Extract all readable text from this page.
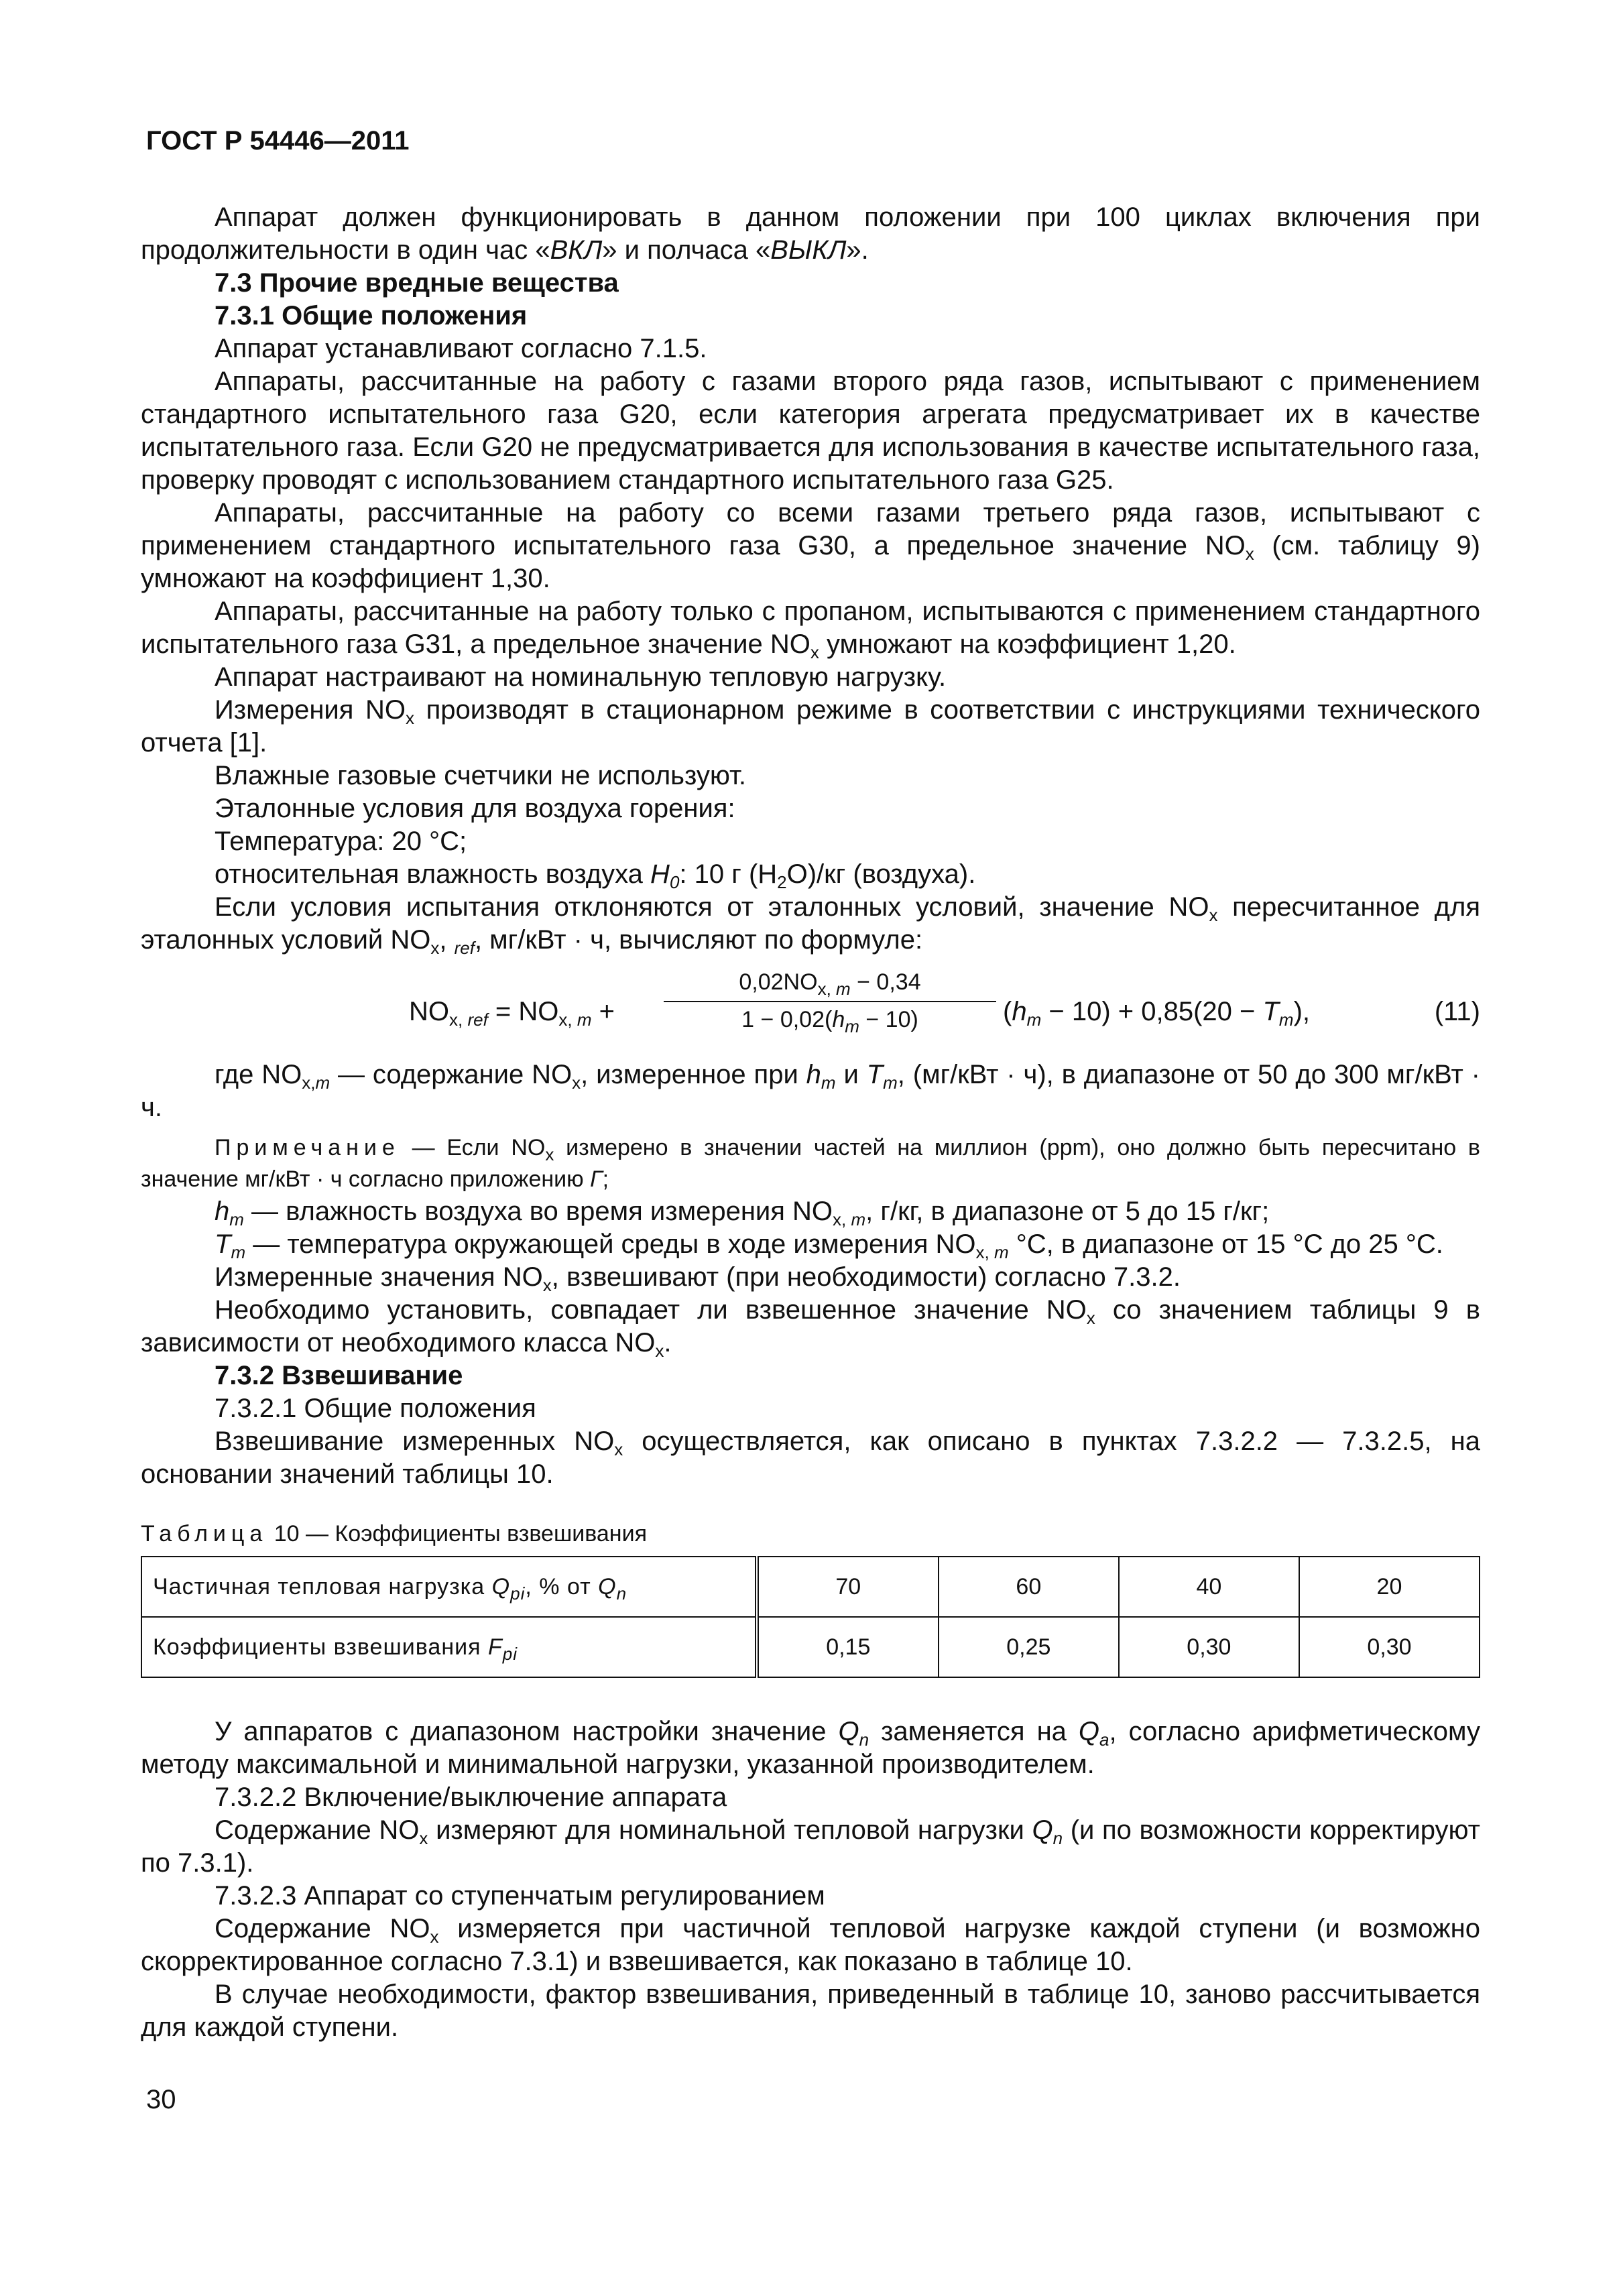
ГОСТ Р 54446—2011

Аппарат должен функционировать в данном положении при 100 циклах включения при продолжительности в один час «ВКЛ» и полчаса «ВЫКЛ».

7.3 Прочие вредные вещества

7.3.1 Общие положения

Аппарат устанавливают согласно 7.1.5.

Аппараты, рассчитанные на работу с газами второго ряда газов, испытывают с применением стандартного испытательного газа G20, если категория агрегата предусматривает их в качестве испытательного газа. Если G20 не предусматривается для использования в качестве испытательного газа, проверку проводят с использованием стандартного испытательного газа G25.

Аппараты, рассчитанные на работу со всеми газами третьего ряда газов, испытывают с применением стандартного испытательного газа G30, а предельное значение $NO_x$ (см. таблицу 9) умножают на коэффициент 1,30.

Аппараты, рассчитанные на работу только с пропаном, испытываются с применением стандартного испытательного газа G31, а предельное значение $NO_x$ умножают на коэффициент 1,20.

Аппарат настраивают на номинальную тепловую нагрузку.

Измерения $NO_x$ производят в стационарном режиме в соответствии с инструкциями технического отчета [1].

Влажные газовые счетчики не используют.

Эталонные условия для воздуха горения:

Температура: 20 °С;

относительная влажность воздуха $H_0$: 10 г $(H_2O)/кг$ (воздуха).

Если условия испытания отклоняются от эталонных условий, значение $NO_x$ пересчитанное для эталонных условий $NO_x$, $_{ref}$, мг/кВт · ч, вычисляют по формуле:

$NO_{x, ref} = NO_{x, m}$ +
$0,02NO_{x, m} - 0,34$
$1 - 0,02(h_m - 10)$	$(h_m - 10) + 0,85(20 - T_m)$,	(11)

где $NO_{x,m}$ — содержание $NO_x$, измеренное при $h_m$ и $T_m$, (мг/кВт · ч), в диапазоне от 50 до 300 мг/кВт · ч.

Примечание — Если $NO_x$ измерено в значении частей на миллион (ppm), оно должно быть пересчитано в значение мг/кВт · ч согласно приложению Г;

$h_m$ — влажность воздуха во время измерения $NO_{x, m}$, г/кг, в диапазоне от 5 до 15 г/кг;

$T_m$ — температура окружающей среды в ходе измерения $NO_{x, m}$ °С, в диапазоне от 15 °С до 25 °С.

Измеренные значения $NO_x$, взвешивают (при необходимости) согласно 7.3.2.

Необходимо установить, совпадает ли взвешенное значение $NO_x$ со значением таблицы 9 в зависимости от необходимого класса $NO_x$.

7.3.2 Взвешивание

7.3.2.1 Общие положения

Взвешивание измеренных $NO_x$ осуществляется, как описано в пунктах 7.3.2.2 — 7.3.2.5, на основании значений таблицы 10.

Таблица 10 — Коэффициенты взвешивания

Частичная тепловая нагрузка $Q_{pi}$, % от $Q_n$	70	60	40	20
Коэффициенты взвешивания $F_{pi}$	0,15	0,25	0,30	0,30

У аппаратов с диапазоном настройки значение $Q_n$ заменяется на $Q_a$, согласно арифметическому методу максимальной и минимальной нагрузки, указанной производителем.

7.3.2.2 Включение/выключение аппарата

Содержание $NO_x$ измеряют для номинальной тепловой нагрузки $Q_n$ (и по возможности корректируют по 7.3.1).

7.3.2.3 Аппарат со ступенчатым регулированием

Содержание $NO_x$ измеряется при частичной тепловой нагрузке каждой ступени (и возможно скорректированное согласно 7.3.1) и взвешивается, как показано в таблице 10.

В случае необходимости, фактор взвешивания, приведенный в таблице 10, заново рассчитывается для каждой ступени.

30
